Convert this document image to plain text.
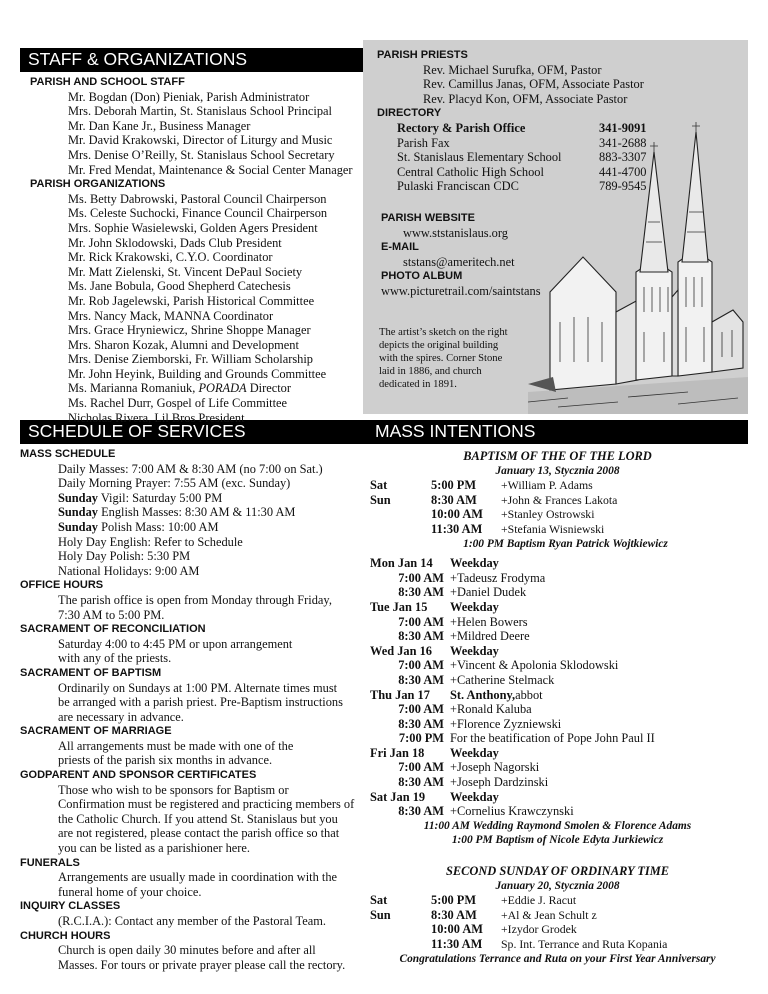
STAFF & ORGANIZATIONS
SCHEDULE OF SERVICES	MASS INTENTIONS
PARISH AND SCHOOL STAFF
Mr. Bogdan (Don) Pieniak, Parish Administrator
Mrs. Deborah Martin, St. Stanislaus School Principal
Mr. Dan Kane Jr., Business Manager
Mr. David Krakowski, Director of Liturgy and Music
Mrs. Denise O’Reilly, St. Stanislaus School Secretary
Mr. Fred Mendat, Maintenance & Social Center Manager
PARISH ORGANIZATIONS
Ms. Betty Dabrowski, Pastoral Council Chairperson
Ms. Celeste Suchocki, Finance Council Chairperson
Mrs. Sophie Wasielewski, Golden Agers President
Mr. John Sklodowski, Dads Club President
Mr. Rick Krakowski, C.Y.O. Coordinator
Mr. Matt Zielenski, St. Vincent DePaul Society
Ms. Jane Bobula, Good Shepherd Catechesis
Mr. Rob Jagelewski, Parish Historical Committee
Mrs. Nancy Mack, MANNA Coordinator
Mrs. Grace Hryniewicz, Shrine Shoppe Manager
Mrs. Sharon Kozak, Alumni and Development
Mrs. Denise Ziemborski, Fr. William Scholarship
Mr. John Heyink, Building and Grounds Committee
Ms. Marianna Romaniuk, PORADA Director
Ms. Rachel Durr, Gospel of Life Committee
Nicholas Rivera, Lil Bros President
PARISH PRIESTS
Rev. Michael Surufka, OFM, Pastor
Rev. Camillus Janas, OFM, Associate Pastor
Rev. Placyd Kon, OFM, Associate Pastor
DIRECTORY
Rectory & Parish Office	341-9091
Parish Fax	341-2688
St. Stanislaus Elementary School	883-3307
Central Catholic High School	441-4700
Pulaski Franciscan CDC	789-9545
PARISH WEBSITE
www.ststanislaus.org
E-MAIL
ststans@ameritech.net
PHOTO ALBUM
www.picturetrail.com/saintstans
The artist’s sketch on the right
depicts the original building
with the spires. Corner Stone
laid in 1886, and church
dedicated in 1891.
MASS SCHEDULE
Daily Masses: 7:00 AM & 8:30 AM (no 7:00 on Sat.)
Daily Morning Prayer: 7:55 AM (exc. Sunday)
Sunday Vigil: Saturday 5:00 PM
Sunday English Masses: 8:30 AM & 11:30 AM
Sunday Polish Mass: 10:00 AM
Holy Day English: Refer to Schedule
Holy Day Polish: 5:30 PM
National Holidays: 9:00 AM
OFFICE HOURS
The parish office is open from Monday through Friday,
7:30 AM to 5:00 PM.
SACRAMENT OF RECONCILIATION
Saturday 4:00 to 4:45 PM or upon arrangement
with any of the priests.
SACRAMENT OF BAPTISM
Ordinarily on Sundays at 1:00 PM. Alternate times must
be arranged with a parish priest. Pre-Baptism instructions
are necessary in advance.
SACRAMENT OF MARRIAGE
All arrangements must be made with one of the
priests of the parish six months in advance.
GODPARENT AND SPONSOR CERTIFICATES
Those who wish to be sponsors for Baptism or
Confirmation must be registered and practicing members of
the Catholic Church. If you attend St. Stanislaus but you
are not registered, please contact the parish office so that
you can be listed as a parishioner here.
FUNERALS
Arrangements are usually made in coordination with the
funeral home of your choice.
INQUIRY CLASSES
(R.C.I.A.): Contact any member of the Pastoral Team.
CHURCH HOURS
Church is open daily 30 minutes before and after all
Masses. For tours or private prayer please call the rectory.
BAPTISM OF THE OF THE LORD
January 13, Stycznia 2008
Sat	5:00 PM	+William P. Adams
Sun	8:30 AM	+John & Frances Lakota
10:00 AM	+Stanley Ostrowski
11:30 AM	+Stefania Wisniewski
1:00 PM Baptism Ryan Patrick Wojtkiewicz
Mon Jan 14	Weekday
7:00 AM +Tadeusz Frodyma
8:30 AM +Daniel Dudek
Tue Jan 15	Weekday
7:00 AM +Helen Bowers
8:30 AM +Mildred Deere
Wed Jan 16	Weekday
7:00 AM +Vincent & Apolonia Sklodowski
8:30 AM +Catherine Stelmack
Thu Jan 17	St. Anthony, abbot
7:00 AM +Ronald Kaluba
8:30 AM +Florence Zyzniewski
7:00 PM For the beatification of Pope John Paul II
Fri Jan 18	Weekday
7:00 AM +Joseph Nagorski
8:30 AM +Joseph Dardzinski
Sat Jan 19	Weekday
8:30 AM +Cornelius Krawczynski
11:00 AM Wedding Raymond Smolen & Florence Adams
1:00 PM Baptism of Nicole Edyta Jurkiewicz
SECOND SUNDAY OF ORDINARY TIME
January 20, Stycznia 2008
Sat	5:00 PM	+Eddie J. Racut
Sun	8:30 AM	+Al & Jean Schult z
10:00 AM	+Izydor Grodek
11:30 AM	Sp. Int. Terrance and Ruta Kopania
Congratulations Terrance and Ruta on your First Year Anniversary
